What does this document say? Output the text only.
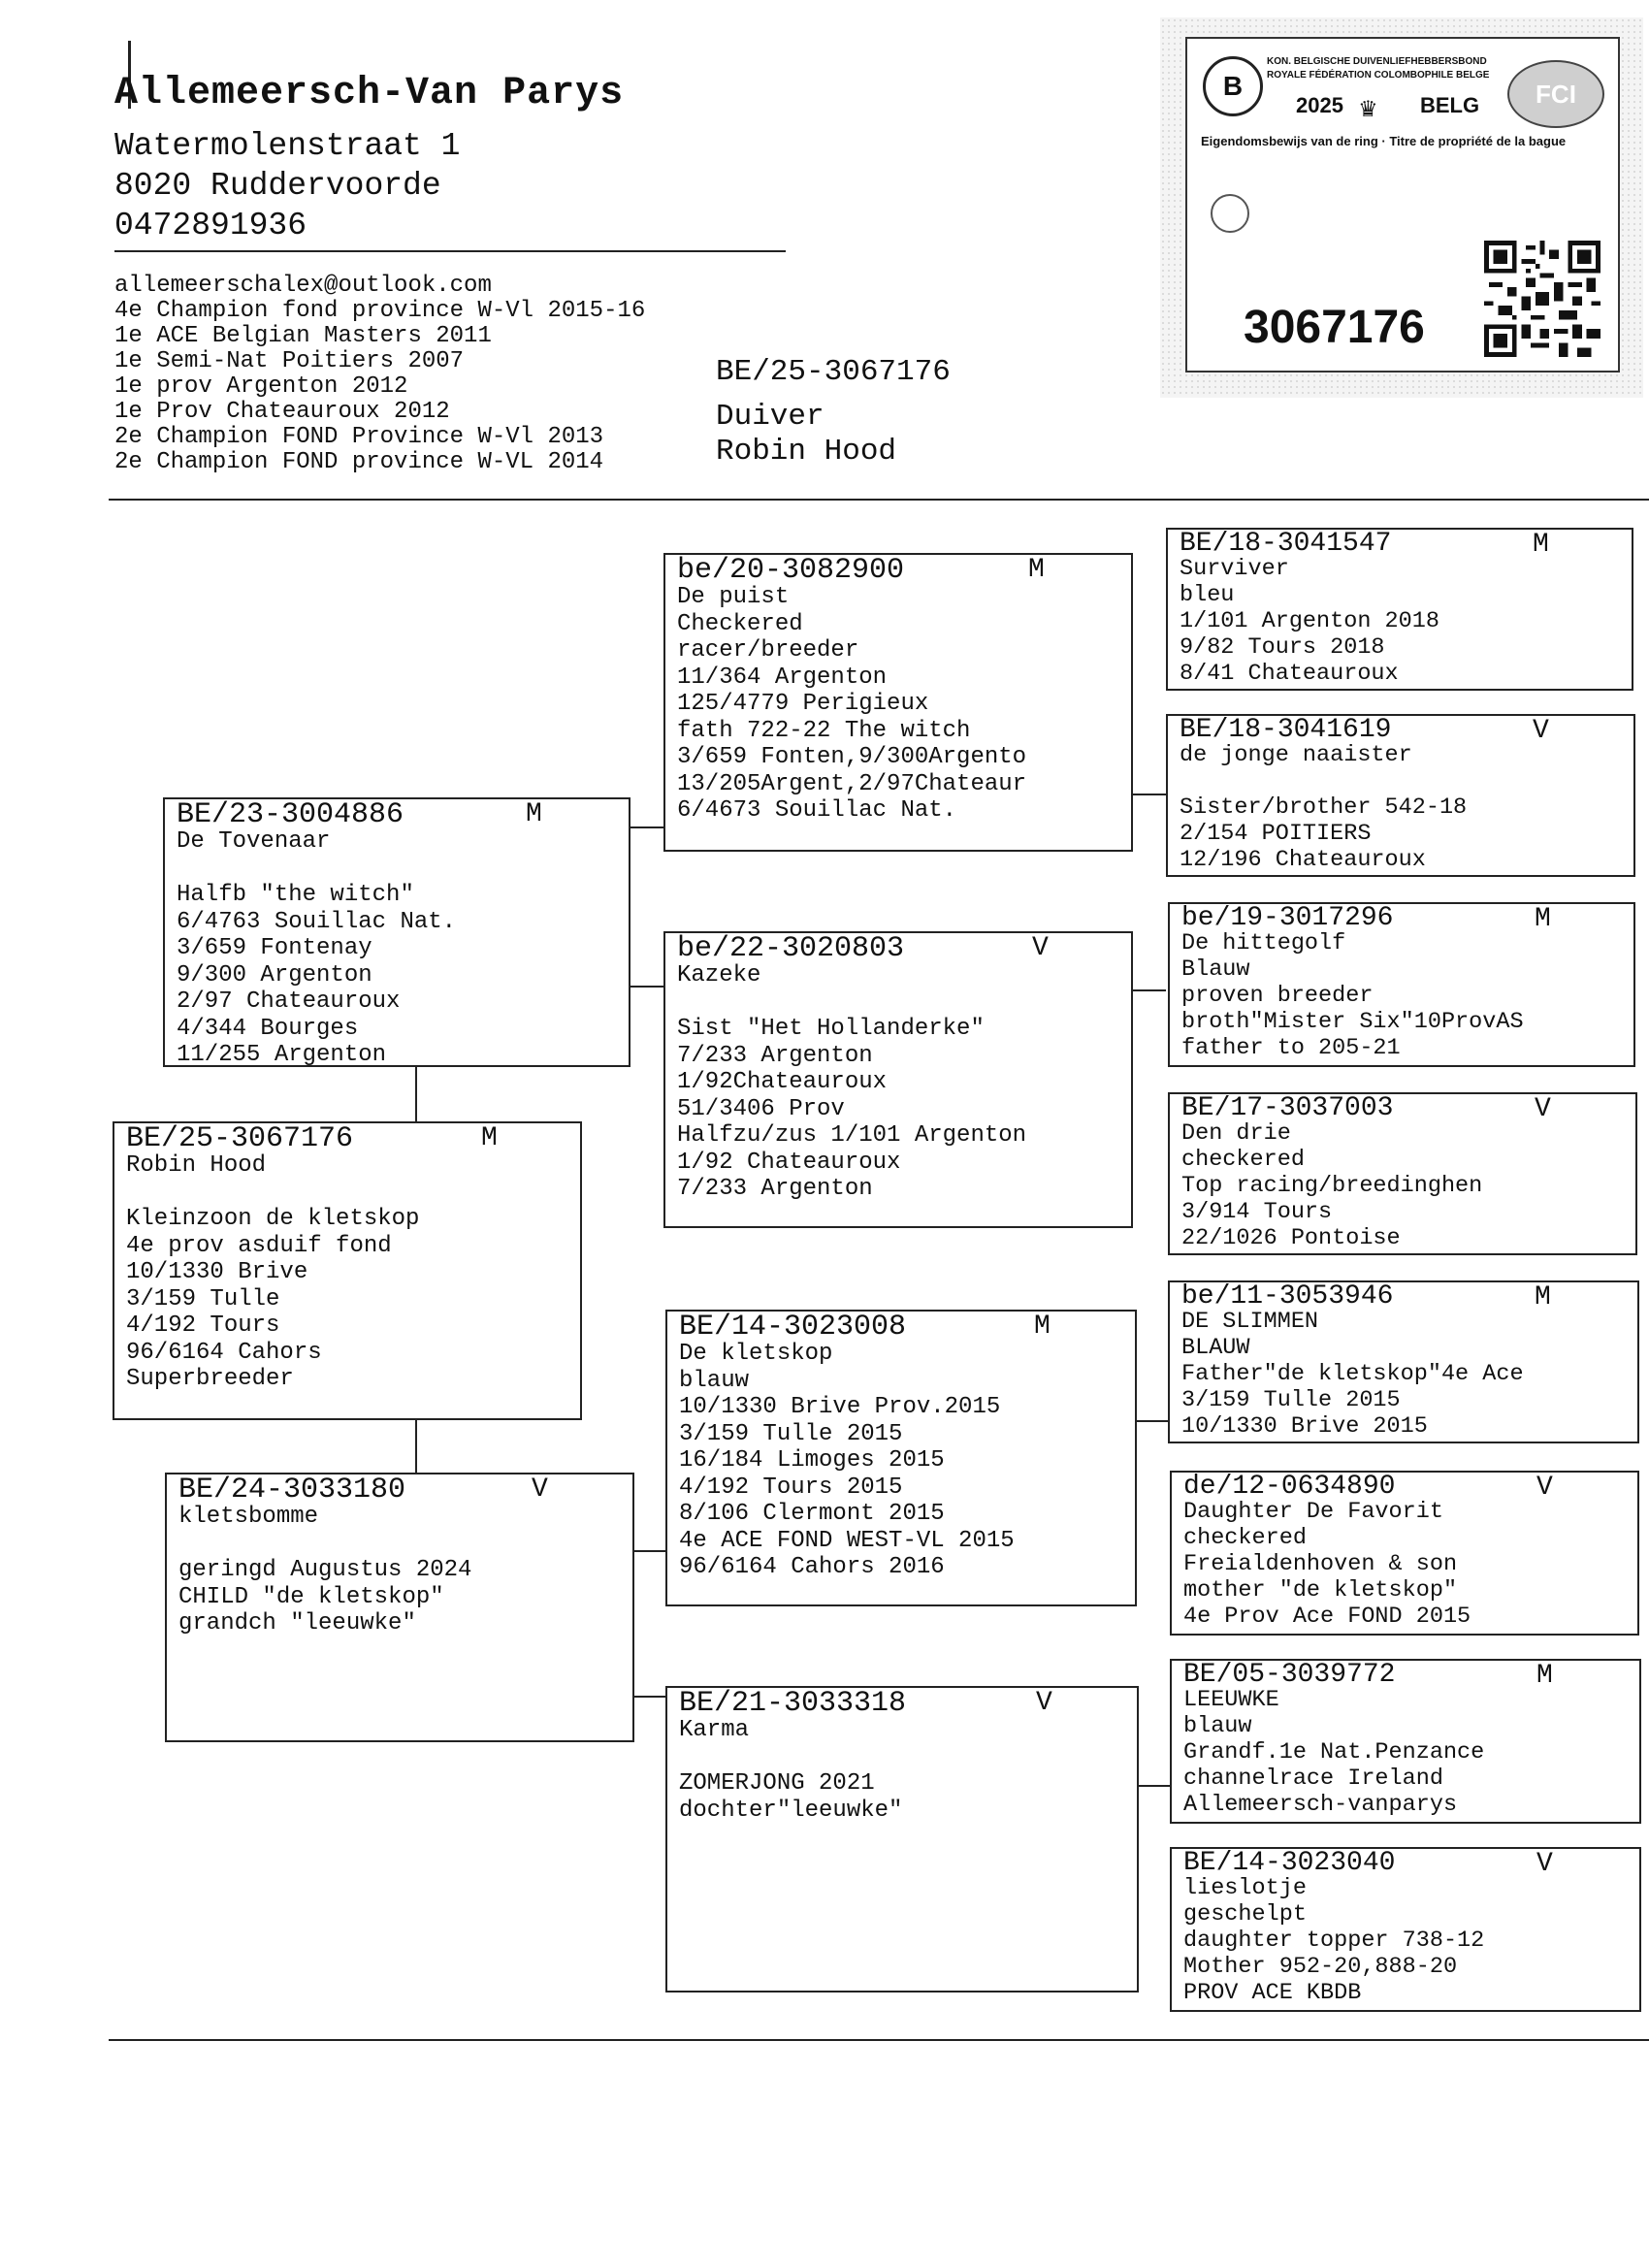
Allemeersch-Van Parys
Watermolenstraat 1
8020 Ruddervoorde
0472891936
allemeerschalex@outlook.com
4e Champion fond province W-Vl 2015-16
1e ACE Belgian Masters 2011
1e Semi-Nat Poitiers 2007
1e prov Argenton 2012
1e Prov Chateauroux 2012
2e Champion FOND Province W-Vl 2013
2e Champion FOND province W-VL 2014
BE/25-3067176
Duiver
Robin Hood
B
KON. BELGISCHE DUIVENLIEFHEBBERSBOND
ROYALE FÉDÉRATION COLOMBOPHILE BELGE
2025 ♛ BELG	FCI
Eigendomsbewijs van de ring · Titre de propriété de la bague
3067176
BE/25-3067176	M
Robin Hood
Kleinzoon de kletskop
4e prov asduif fond
10/1330 Brive
3/159 Tulle
4/192 Tours
96/6164 Cahors
Superbreeder
BE/23-3004886	M
De Tovenaar
Halfb "the witch"
6/4763 Souillac Nat.
3/659 Fontenay
9/300 Argenton
2/97 Chateauroux
4/344 Bourges
11/255 Argenton
BE/24-3033180	V
kletsbomme
geringd Augustus 2024
CHILD "de kletskop"
grandch "leeuwke"
be/20-3082900	M
De puist
Checkered
racer/breeder
11/364 Argenton
125/4779 Perigieux
fath 722-22 The witch
3/659 Fonten,9/300Argento
13/205Argent,2/97Chateaur
6/4673 Souillac Nat.
be/22-3020803	V
Kazeke
Sist "Het Hollanderke"
7/233 Argenton
1/92Chateauroux
51/3406 Prov
Halfzu/zus 1/101 Argenton
1/92 Chateauroux
7/233 Argenton
BE/14-3023008	M
De kletskop
blauw
10/1330 Brive Prov.2015
3/159 Tulle 2015
16/184 Limoges 2015
4/192 Tours 2015
8/106 Clermont 2015
4e ACE FOND WEST-VL 2015
96/6164 Cahors 2016
BE/21-3033318	V
Karma
ZOMERJONG 2021
dochter"leeuwke"
BE/18-3041547	M
Surviver
bleu
1/101 Argenton 2018
9/82 Tours 2018
8/41 Chateauroux
BE/18-3041619	V
de jonge naaister
Sister/brother 542-18
2/154 POITIERS
12/196 Chateauroux
be/19-3017296	M
De hittegolf
Blauw
proven breeder
broth"Mister Six"10ProvAS
father to 205-21
BE/17-3037003	V
Den drie
checkered
Top racing/breedinghen
3/914 Tours
22/1026 Pontoise
be/11-3053946	M
DE SLIMMEN
BLAUW
Father"de kletskop"4e Ace
3/159 Tulle 2015
10/1330 Brive 2015
de/12-0634890	V
Daughter De Favorit
checkered
Freialdenhoven & son
mother "de kletskop"
4e Prov Ace FOND 2015
BE/05-3039772	M
LEEUWKE
blauw
Grandf.1e Nat.Penzance
channelrace Ireland
Allemeersch-vanparys
BE/14-3023040	V
lieslotje
geschelpt
daughter topper 738-12
Mother 952-20,888-20
PROV ACE KBDB
